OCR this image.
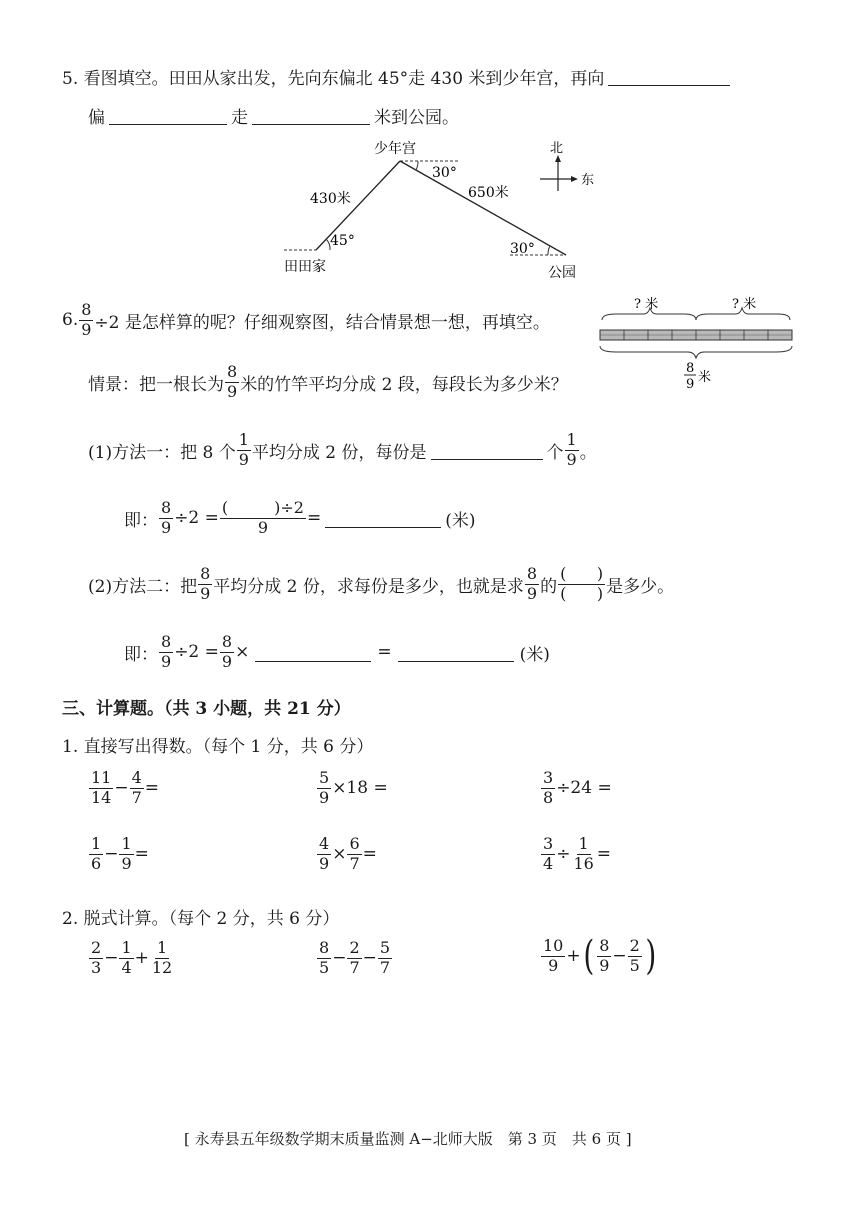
5. 看图填空。田田从家出发，先向东偏北 45°走 430 米到少年宫，再向
偏	走	米到公园。
少年宫
田田家	公园
430米	650米
45°
30°
30°
北
东
6. $\frac{8}{9} \div 2$ 是怎样算的呢？仔细观察图，结合情景想一想，再填空。
? 米	? 米
8
9 米
情景：把一根长为 $\frac{8}{9}$ 米的竹竿平均分成 2 段，每段长为多少米？
(1)方法一：把 8 个 $\frac{1}{9}$ 平均分成 2 份，每份是	个 $\frac{1}{9}$ 。
即： $\frac{8}{9} \div 2$ = (	)÷2
9 =	(米)
(2)方法二：把 $\frac{8}{9}$ 平均分成 2 份，求每份是多少，也就是求 $\frac{8}{9}$ 的 $\frac{( )}{( )}$ 是多少。
即： $\frac{8}{9} \div 2 = \frac{8}{9}$ ×	=	(米)
三、计算题。（共 3 小题，共 21 分）
1. 直接写出得数。（每个 1 分，共 6 分）
$\frac{11}{14} - \frac{4}{7}$ =	$\frac{5}{9} \times 18$ =	$\frac{3}{8} \div 24$ =
$\frac{1}{6} - \frac{1}{9}$ =	$\frac{4}{9} \times \frac{6}{7}$ =	$\frac{3}{4} \div \frac{1}{16}$ =
2. 脱式计算。（每个 2 分，共 6 分）
$\frac{2}{3} - \frac{1}{4} + \frac{1}{12}$	$\frac{8}{5} - \frac{2}{7} - \frac{5}{7}$	$\frac{10}{9}$ + ( $\frac{8}{9} - \frac{2}{5}$ )
[ 永寿县五年级数学期末质量监测 A−北师大版　第 3 页　共 6 页 ]
